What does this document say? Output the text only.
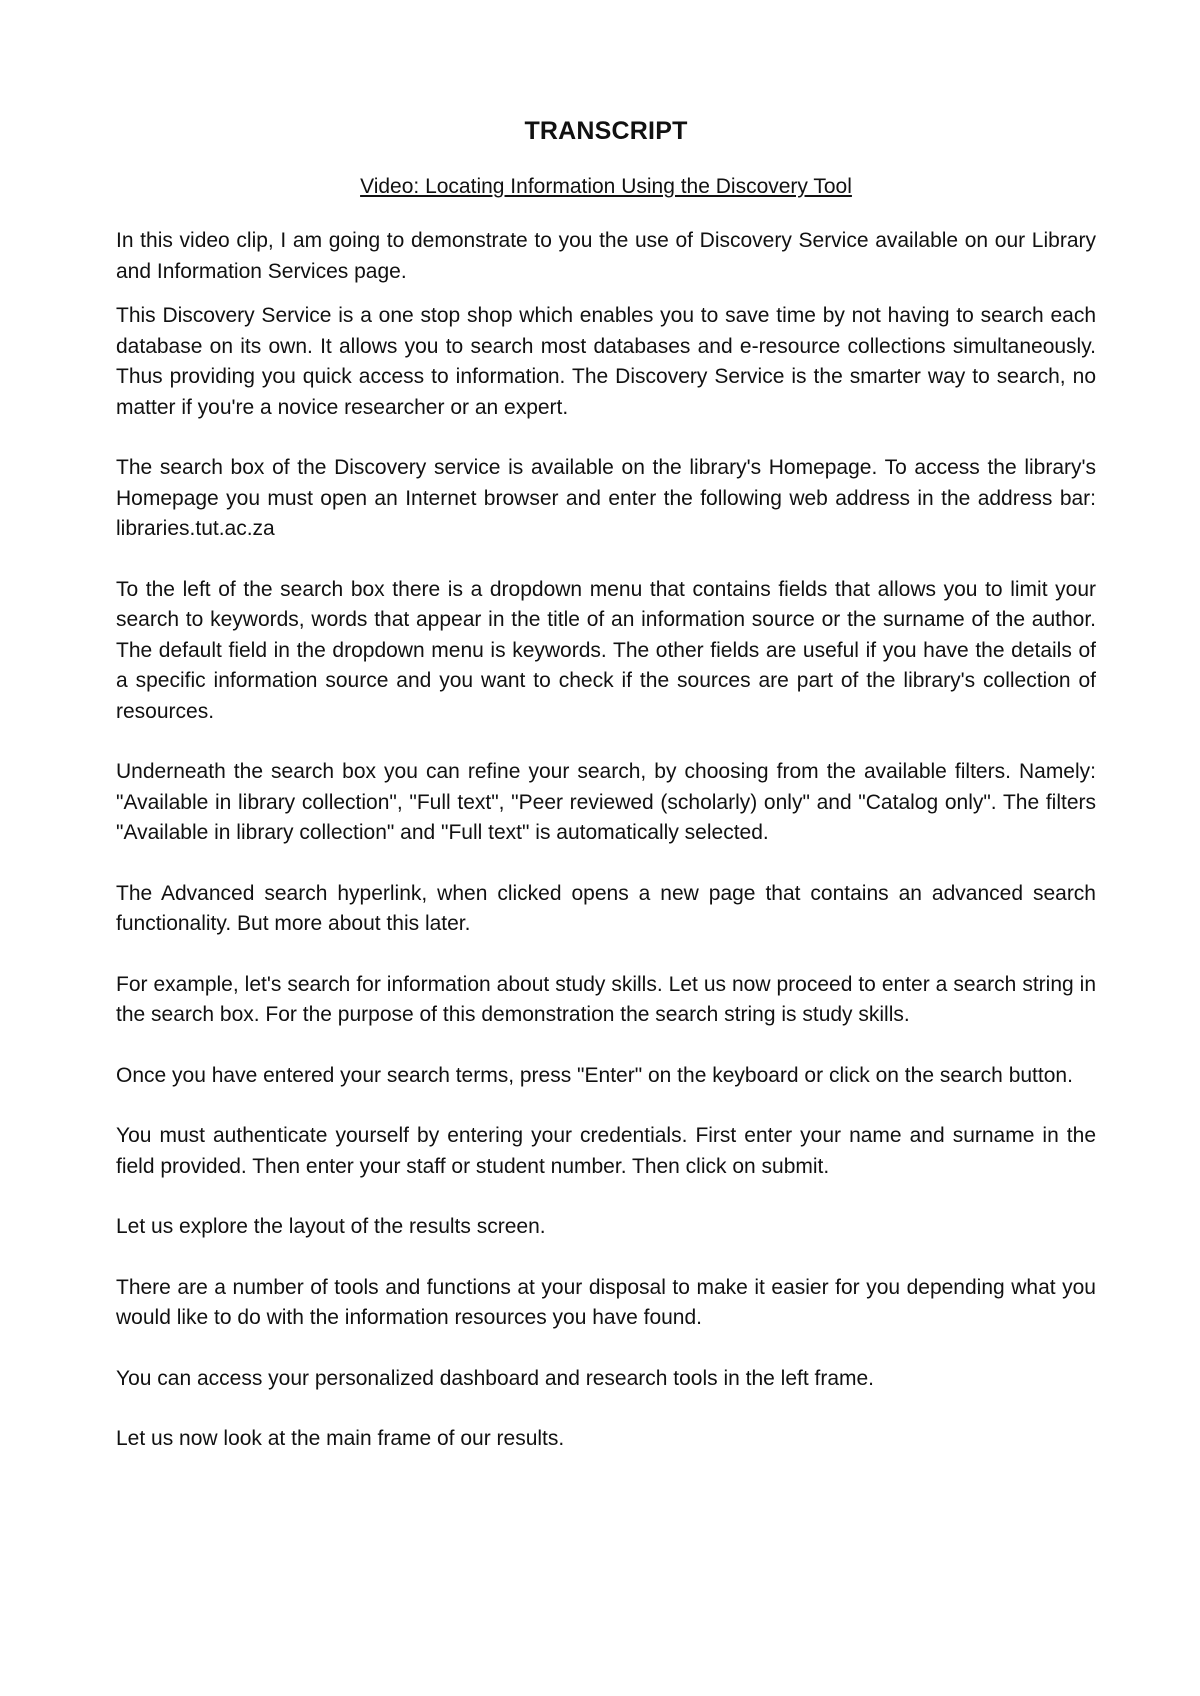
TRANSCRIPT
Video: Locating Information Using the Discovery Tool

In this video clip, I am going to demonstrate to you the use of Discovery Service available on our Library and Information Services page.

This Discovery Service is a one stop shop which enables you to save time by not having to search each database on its own. It allows you to search most databases and e-resource collections simultaneously. Thus providing you quick access to information. The Discovery Service is the smarter way to search, no matter if you're a novice researcher or an expert.

The search box of the Discovery service is available on the library's Homepage. To access the library's Homepage you must open an Internet browser and enter the following web address in the address bar: libraries.tut.ac.za

To the left of the search box there is a dropdown menu that contains fields that allows you to limit your search to keywords, words that appear in the title of an information source or the surname of the author. The default field in the dropdown menu is keywords. The other fields are useful if you have the details of a specific information source and you want to check if the sources are part of the library's collection of resources.

Underneath the search box you can refine your search, by choosing from the available filters. Namely: "Available in library collection", "Full text", "Peer reviewed (scholarly) only" and "Catalog only". The filters "Available in library collection" and "Full text" is automatically selected.

The Advanced search hyperlink, when clicked opens a new page that contains an advanced search functionality. But more about this later.

For example, let's search for information about study skills. Let us now proceed to enter a search string in the search box. For the purpose of this demonstration the search string is study skills.

Once you have entered your search terms, press "Enter" on the keyboard or click on the search button.

You must authenticate yourself by entering your credentials. First enter your name and surname in the field provided. Then enter your staff or student number. Then click on submit.

Let us explore the layout of the results screen.

There are a number of tools and functions at your disposal to make it easier for you depending what you would like to do with the information resources you have found.

You can access your personalized dashboard and research tools in the left frame.

Let us now look at the main frame of our results.
